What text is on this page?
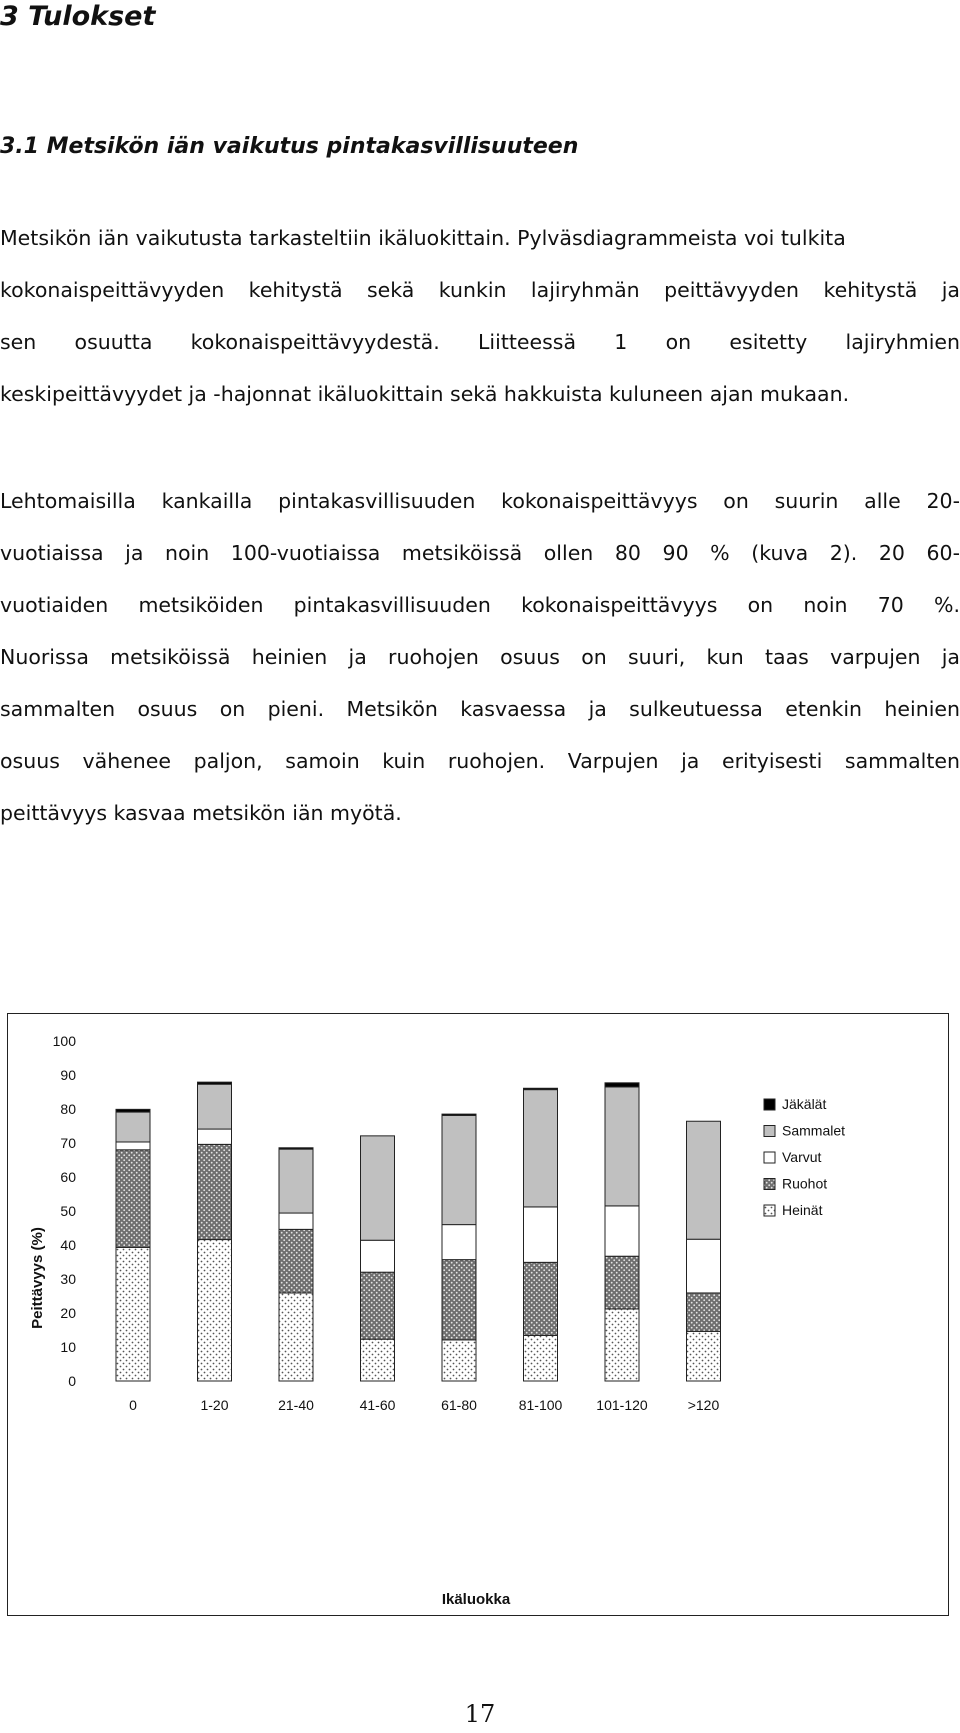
3 Tulokset
3.1 Metsikön iän vaikutus pintakasvillisuuteen
Metsikön iän vaikutusta tarkasteltiin ikäluokittain. Pylväsdiagrammeista voi tulkita
kokonaispeittävyyden kehitystä sekä kunkin lajiryhmän peittävyyden kehitystä ja
sen osuutta kokonaispeittävyydestä. Liitteessä 1 on esitetty lajiryhmien
keskipeittävyydet ja -hajonnat ikäluokittain sekä hakkuista kuluneen ajan mukaan.
Lehtomaisilla kankailla pintakasvillisuuden kokonaispeittävyys on suurin alle 20-
vuotiaissa ja noin 100-vuotiaissa metsiköissä ollen 80 90 % (kuva 2). 20 60-
vuotiaiden metsiköiden pintakasvillisuuden kokonaispeittävyys on noin 70 %.
Nuorissa metsiköissä heinien ja ruohojen osuus on suuri, kun taas varpujen ja
sammalten osuus on pieni. Metsikön kasvaessa ja sulkeutuessa etenkin heinien
osuus vähenee paljon, samoin kuin ruohojen. Varpujen ja erityisesti sammalten
peittävyys kasvaa metsikön iän myötä.
0
10
20
30
40
50
60
70
80
90
100
0	1-20	21-40	41-60	61-80	81-100 101-120	>120
Ikäluokka
Peittävyys (%)
Jäkälät
Sammalet
Varvut
Ruohot
Heinät
17
